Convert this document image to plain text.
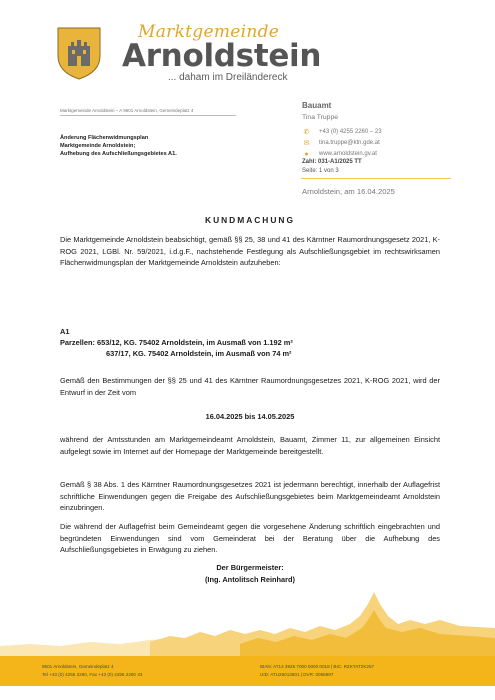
Marktgemeinde
Arnoldstein
... daham im Dreiländereck
Marktgemeinde Arnoldstein – A 9601 Arnoldstein, Gemeindeplatz 4
Änderung Flächenwidmungsplan
Marktgemeinde Arnoldstein;
Aufhebung des Aufschließungsgebietes A1.
Bauamt
Tina Truppe
✆ +43 (0) 4255 2260 – 23
✉ tina.truppe@ktn.gde.at
●	www.arnoldstein.gv.at
Zahl: 031-A1/2025 TT
Seite: 1 von 3
Arnoldstein, am 16.04.2025
KUNDMACHUNG
Die Marktgemeinde Arnoldstein beabsichtigt, gemäß §§ 25, 38 und 41 des Kärntner Raumordnungsgesetz 2021, K-ROG 2021, LGBl. Nr. 59/2021, i.d.g.F., nachstehende Festlegung als Aufschließungsgebiet im rechtswirksamen Flächenwidmungsplan der Marktgemeinde Arnoldstein aufzuheben:
A1
Parzellen: 653/12, KG. 75402 Arnoldstein, im Ausmaß von 1.192 m²
637/17, KG. 75402 Arnoldstein, im Ausmaß von 74 m²
Gemäß den Bestimmungen der §§ 25 und 41 des Kärntner Raumordnungsgesetzes 2021, K-ROG 2021, wird der Entwurf in der Zeit vom
16.04.2025 bis 14.05.2025
während der Amtsstunden am Marktgemeindeamt Arnoldstein, Bauamt, Zimmer 11, zur allgemeinen Einsicht aufgelegt sowie im Internet auf der Homepage der Marktgemeinde bereitgestellt.
Gemäß § 38 Abs. 1 des Kärntner Raumordnungsgesetzes 2021 ist jedermann berechtigt, innerhalb der Auflagefrist schriftliche Einwendungen gegen die Freigabe des Aufschließungsgebietes beim Marktgemeindeamt Arnoldstein einzubringen.
Die während der Auflagefrist beim Gemeindeamt gegen die vorgesehene Änderung schriftlich eingebrachten und begründeten Einwendungen sind vom Gemeinderat bei der Beratung über die Aufhebung des Aufschließungsgebietes in Erwägung zu ziehen.
Der Bürgermeister:
(Ing. Antolitsch Reinhard)
9601 Arnoldstein, Gemeindeplatz 4
Tel +43 (0) 4255 2260, Fax +43 (0) 4255 2260 33
IBAN: AT14 3925 7000 0000 0018 | BIC: RZKTAT2K257
UID: ATU26013801 | DVR: 0065897
